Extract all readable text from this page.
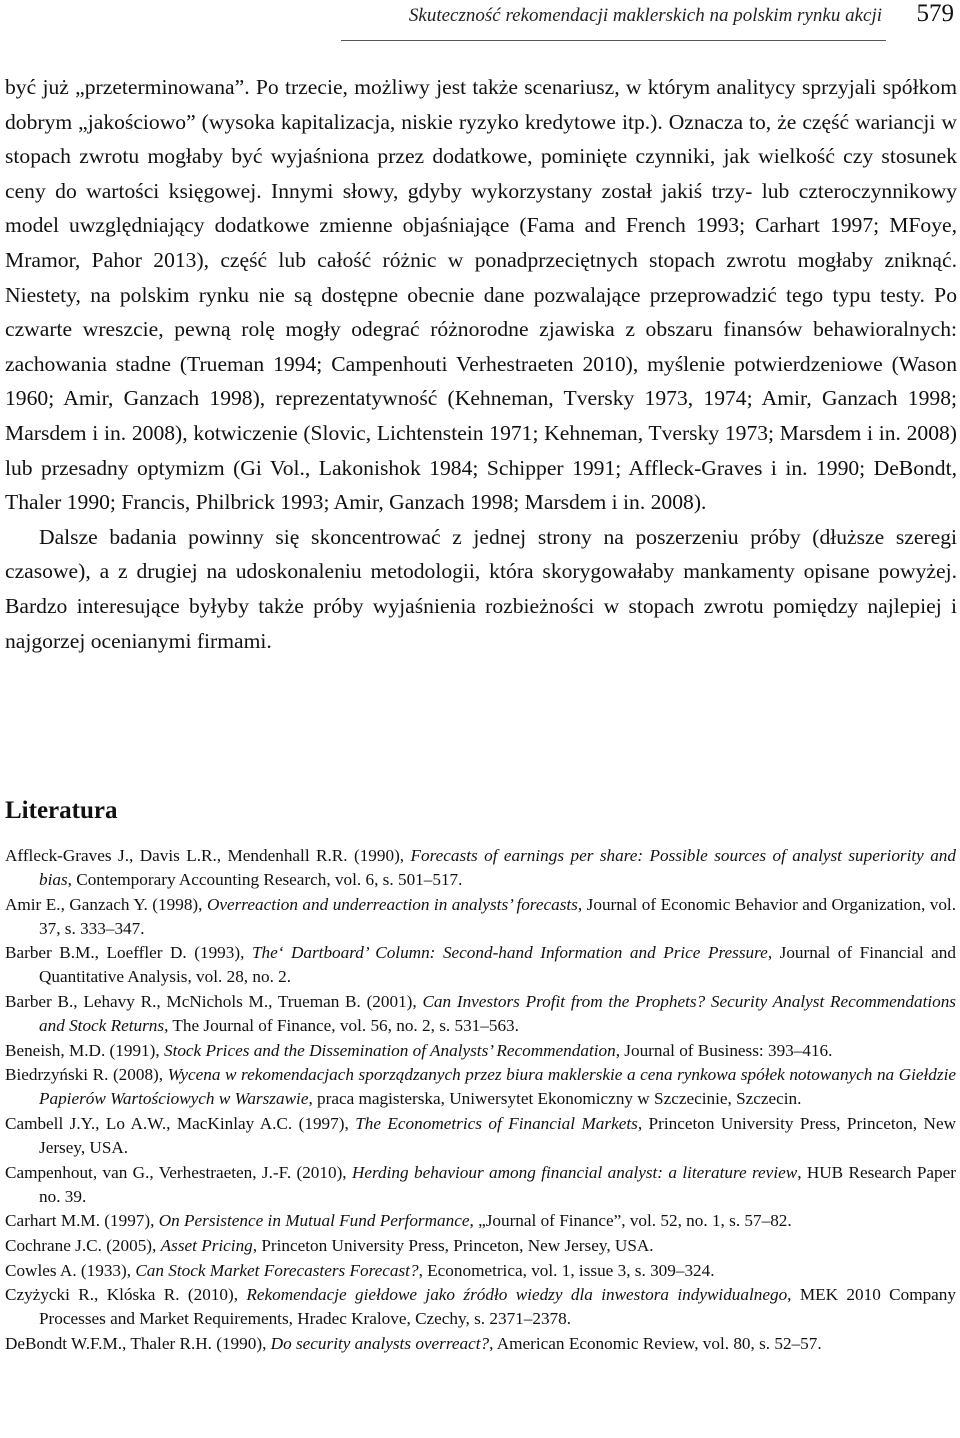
Skuteczność rekomendacji maklerskich na polskim rynku akcji 579

być już „przeterminowana”. Po trzecie, możliwy jest także scenariusz, w którym analitycy sprzyjali spółkom dobrym „jakościowo” (wysoka kapitalizacja, niskie ryzyko kredytowe itp.). Oznacza to, że część wariancji w stopach zwrotu mogłaby być wyjaśniona przez dodatkowe, pominięte czynniki, jak wielkość czy stosunek ceny do wartości księgowej. Innymi słowy, gdyby wykorzystany został jakiś trzy- lub czteroczynnikowy model uwzględniający dodatkowe zmienne objaśniające (Fama and French 1993; Carhart 1997; MFoye, Mramor, Pahor 2013), część lub całość różnic w ponadprzeciętnych stopach zwrotu mogłaby zniknąć. Niestety, na polskim rynku nie są dostępne obecnie dane pozwalające przeprowadzić tego typu testy. Po czwarte wreszcie, pewną rolę mogły odegrać różnorodne zjawiska z obszaru finansów behawioralnych: zachowania stadne (Trueman 1994; Campenhouti Verhestraeten 2010), myślenie potwierdzeniowe (Wason 1960; Amir, Ganzach 1998), reprezentatywność (Kehneman, Tversky 1973, 1974; Amir, Ganzach 1998; Marsdem i in. 2008), kotwiczenie (Slovic, Lichtenstein 1971; Kehneman, Tversky 1973; Marsdem i in. 2008) lub przesadny optymizm (Gi Vol., Lakonishok 1984; Schipper 1991; Affleck-Graves i in. 1990; DeBondt, Thaler 1990; Francis, Philbrick 1993; Amir, Ganzach 1998; Marsdem i in. 2008).

Dalsze badania powinny się skoncentrować z jednej strony na poszerzeniu próby (dłuższe szeregi czasowe), a z drugiej na udoskonaleniu metodologii, która skorygowałaby mankamenty opisane powyżej. Bardzo interesujące byłyby także próby wyjaśnienia rozbieżności w stopach zwrotu pomiędzy najlepiej i najgorzej ocenianymi firmami.

Literatura

Affleck-Graves J., Davis L.R., Mendenhall R.R. (1990), Forecasts of earnings per share: Possible sources of analyst superiority and bias, Contemporary Accounting Research, vol. 6, s. 501–517.

Amir E., Ganzach Y. (1998), Overreaction and underreaction in analysts’ forecasts, Journal of Economic Behavior and Organization, vol. 37, s. 333–347.

Barber B.M., Loeffler D. (1993), The‘ Dartboard’ Column: Second-hand Information and Price Pressure, Journal of Financial and Quantitative Analysis, vol. 28, no. 2.

Barber B., Lehavy R., McNichols M., Trueman B. (2001), Can Investors Profit from the Prophets? Security Analyst Recommendations and Stock Returns, The Journal of Finance, vol. 56, no. 2, s. 531–563.

Beneish, M.D. (1991), Stock Prices and the Dissemination of Analysts’ Recommendation, Journal of Business: 393–416.

Biedrzyński R. (2008), Wycena w rekomendacjach sporządzanych przez biura maklerskie a cena rynkowa spółek notowanych na Giełdzie Papierów Wartościowych w Warszawie, praca magisterska, Uniwersytet Ekonomiczny w Szczecinie, Szczecin.

Cambell J.Y., Lo A.W., MacKinlay A.C. (1997), The Econometrics of Financial Markets, Princeton University Press, Princeton, New Jersey, USA.

Campenhout, van G., Verhestraeten, J.-F. (2010), Herding behaviour among financial analyst: a literature review, HUB Research Paper no. 39.

Carhart M.M. (1997), On Persistence in Mutual Fund Performance, „Journal of Finance”, vol. 52, no. 1, s. 57–82.

Cochrane J.C. (2005), Asset Pricing, Princeton University Press, Princeton, New Jersey, USA.

Cowles A. (1933), Can Stock Market Forecasters Forecast?, Econometrica, vol. 1, issue 3, s. 309–324.

Czyżycki R., Klóska R. (2010), Rekomendacje giełdowe jako źródło wiedzy dla inwestora indywidualnego, MEK 2010 Company Processes and Market Requirements, Hradec Kralove, Czechy, s. 2371–2378.

DeBondt W.F.M., Thaler R.H. (1990), Do security analysts overreact?, American Economic Review, vol. 80, s. 52–57.
